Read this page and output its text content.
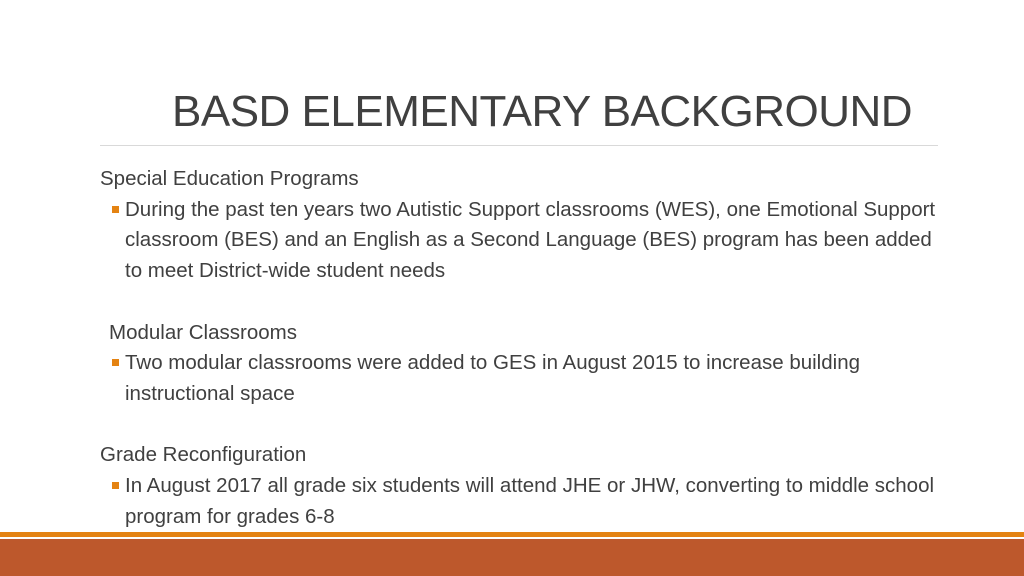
BASD ELEMENTARY BACKGROUND

Special Education Programs

During the past ten years two Autistic Support classrooms (WES), one Emotional Support classroom (BES) and an English as a Second Language (BES) program has been added to meet District-wide student needs

Modular Classrooms

Two modular classrooms were added to GES in August 2015 to increase building instructional space

Grade Reconfiguration

In August 2017 all grade six students will attend JHE or JHW, converting to middle school program for grades 6-8
